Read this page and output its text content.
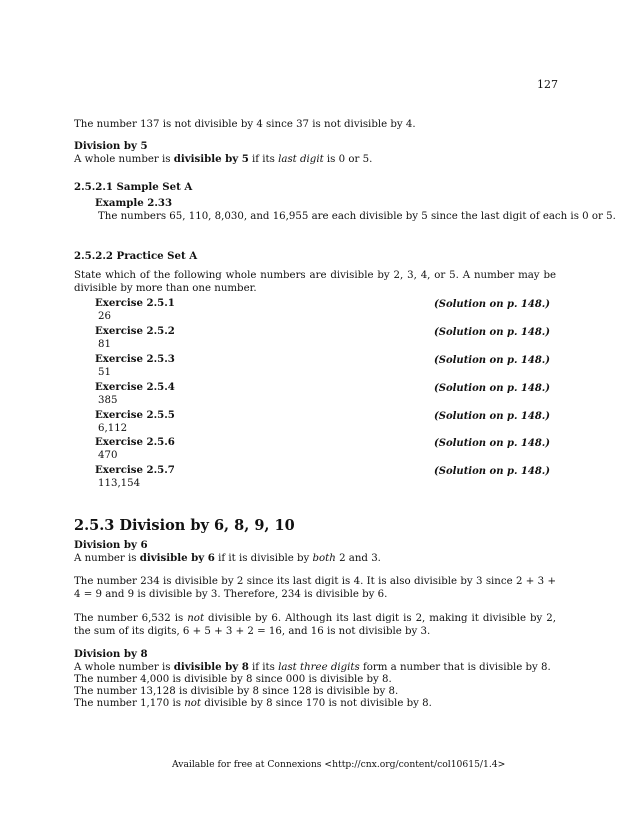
127
The number 137 is not divisible by 4 since 37 is not divisible by 4.
Division by 5
A whole number is divisible by 5 if its last digit is 0 or 5.
2.5.2.1 Sample Set A
Example 2.33
The numbers 65, 110, 8,030, and 16,955 are each divisible by 5 since the last digit of each is 0 or 5.
2.5.2.2 Practice Set A
State which of the following whole numbers are divisible by 2, 3, 4, or 5. A number may be divisible by more than one number.
Exercise 2.5.1
26
(Solution on p. 148.)
Exercise 2.5.2
81
(Solution on p. 148.)
Exercise 2.5.3
51
(Solution on p. 148.)
Exercise 2.5.4
385
(Solution on p. 148.)
Exercise 2.5.5
6,112
(Solution on p. 148.)
Exercise 2.5.6
470
(Solution on p. 148.)
Exercise 2.5.7
113,154
(Solution on p. 148.)
2.5.3 Division by 6, 8, 9, 10
Division by 6
A number is divisible by 6 if it is divisible by both 2 and 3.
The number 234 is divisible by 2 since its last digit is 4. It is also divisible by 3 since 2 + 3 + 4 = 9 and 9 is divisible by 3. Therefore, 234 is divisible by 6.
The number 6,532 is not divisible by 6. Although its last digit is 2, making it divisible by 2, the sum of its digits, 6 + 5 + 3 + 2 = 16, and 16 is not divisible by 3.
Division by 8
A whole number is divisible by 8 if its last three digits form a number that is divisible by 8.
The number 4,000 is divisible by 8 since 000 is divisible by 8.
The number 13,128 is divisible by 8 since 128 is divisible by 8.
The number 1,170 is not divisible by 8 since 170 is not divisible by 8.
Available for free at Connexions <http://cnx.org/content/col10615/1.4>
